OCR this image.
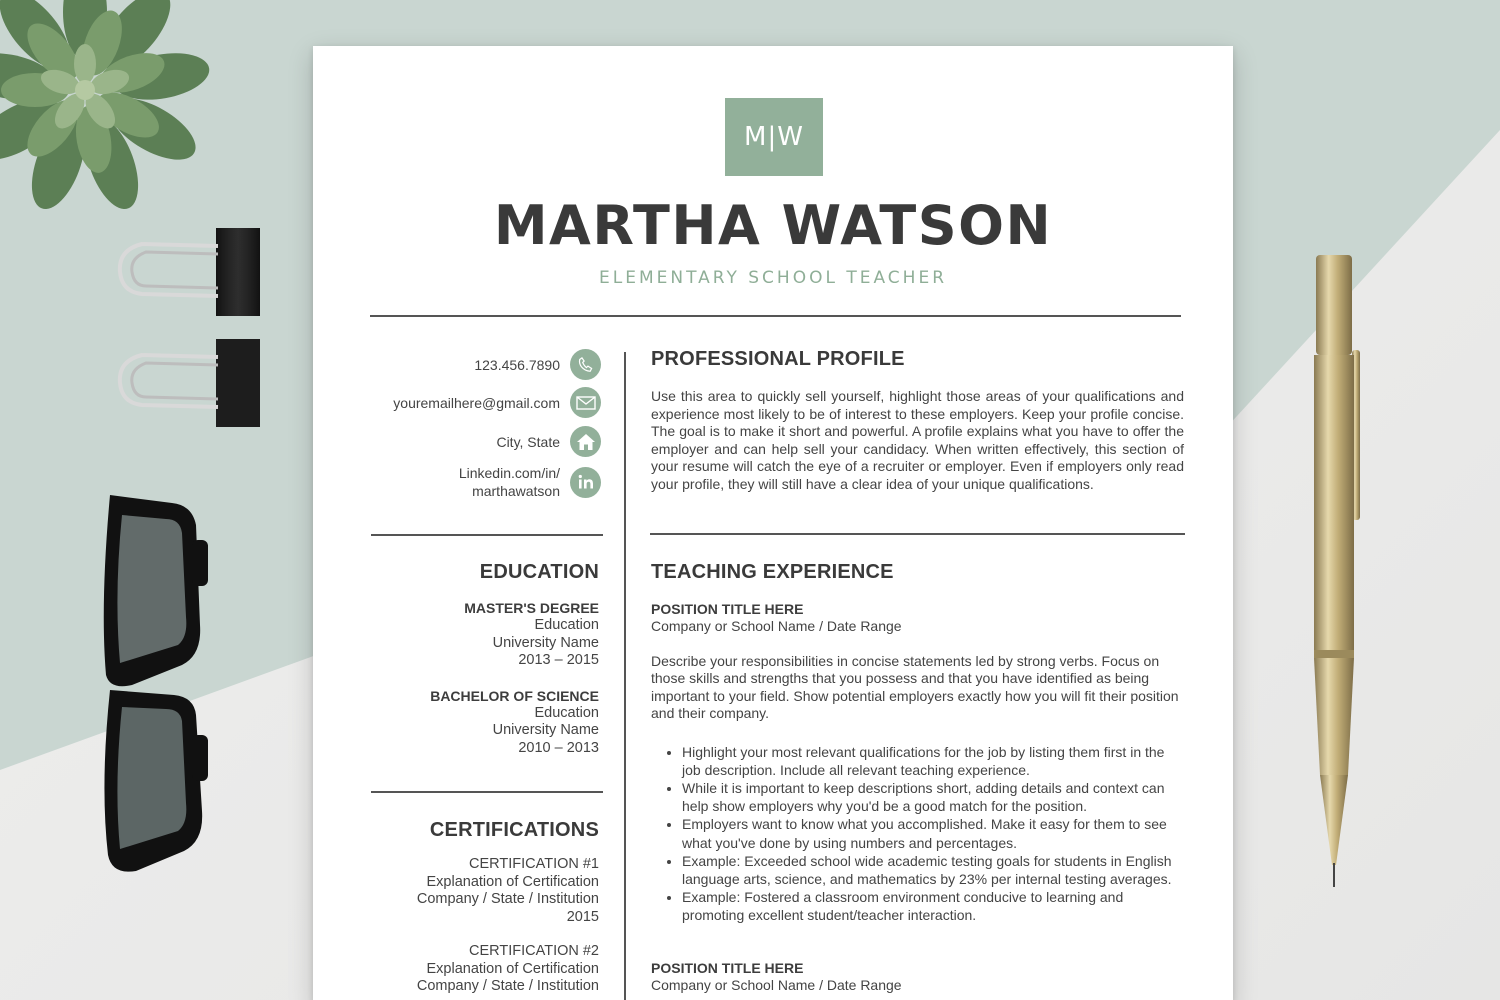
M|W
MARTHA WATSON
ELEMENTARY SCHOOL TEACHER
123.456.7890
youremailhere@gmail.com
City, State
Linkedin.com/in/
marthawatson
EDUCATION
MASTER'S DEGREE
Education
University Name
2013 – 2015
BACHELOR OF SCIENCE
Education
University Name
2010 – 2013
CERTIFICATIONS
CERTIFICATION #1
Explanation of Certification
Company / State / Institution
2015
CERTIFICATION #2
Explanation of Certification
Company / State / Institution
PROFESSIONAL PROFILE
Use this area to quickly sell yourself, highlight those areas of your qualifications and experience most likely to be of interest to these employers. Keep your profile concise. The goal is to make it short and powerful. A profile explains what you have to offer the employer and can help sell your candidacy. When written effectively, this section of your resume will catch the eye of a recruiter or employer. Even if employers only read your profile, they will still have a clear idea of your unique qualifications.
TEACHING EXPERIENCE
POSITION TITLE HERE
Company or School Name / Date Range
Describe your responsibilities in concise statements led by strong verbs. Focus on those skills and strengths that you possess and that you have identified as being important to your field. Show potential employers exactly how you will fit their position and their company.
• Highlight your most relevant qualifications for the job by listing them first in the job description. Include all relevant teaching experience.
• While it is important to keep descriptions short, adding details and context can help show employers why you'd be a good match for the position.
• Employers want to know what you accomplished. Make it easy for them to see what you've done by using numbers and percentages.
• Example: Exceeded school wide academic testing goals for students in English language arts, science, and mathematics by 23% per internal testing averages.
• Example: Fostered a classroom environment conducive to learning and promoting excellent student/teacher interaction.
POSITION TITLE HERE
Company or School Name / Date Range
